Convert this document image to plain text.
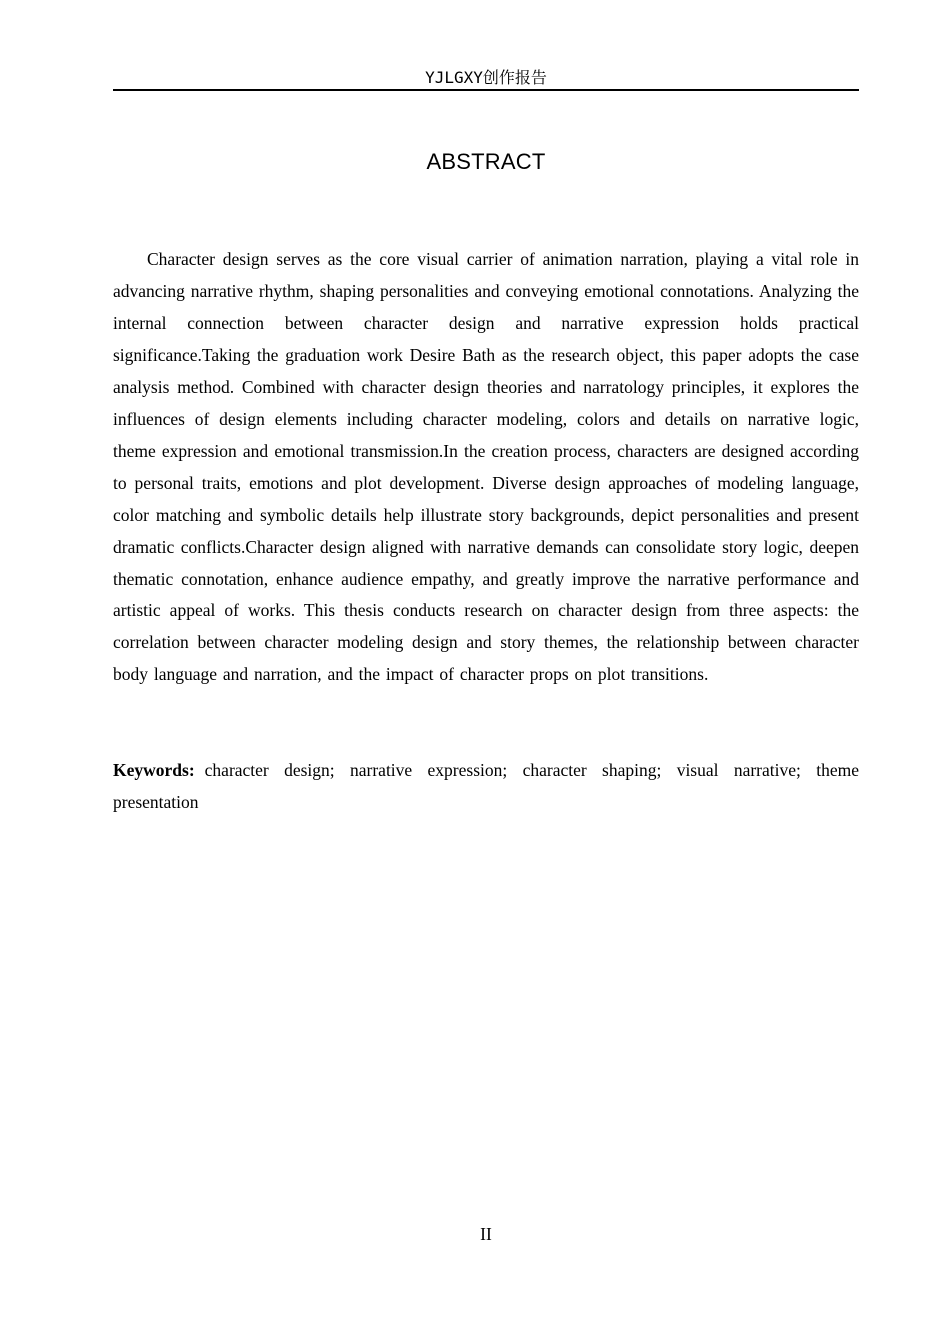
YJLGXY创作报告
ABSTRACT

Character design serves as the core visual carrier of animation narration, playing a vital role in advancing narrative rhythm, shaping personalities and conveying emotional connotations. Analyzing the internal connection between character design and narrative expression holds practical significance.Taking the graduation work Desire Bath as the research object, this paper adopts the case analysis method. Combined with character design theories and narratology principles, it explores the influences of design elements including character modeling, colors and details on narrative logic, theme expression and emotional transmission.In the creation process, characters are designed according to personal traits, emotions and plot development. Diverse design approaches of modeling language, color matching and symbolic details help illustrate story backgrounds, depict personalities and present dramatic conflicts.Character design aligned with narrative demands can consolidate story logic, deepen thematic connotation, enhance audience empathy, and greatly improve the narrative performance and artistic appeal of works. This thesis conducts research on character design from three aspects: the correlation between character modeling design and story themes, the relationship between character body language and narration, and the impact of character props on plot transitions.

Keywords: character design; narrative expression; character shaping; visual narrative; theme presentation

II
